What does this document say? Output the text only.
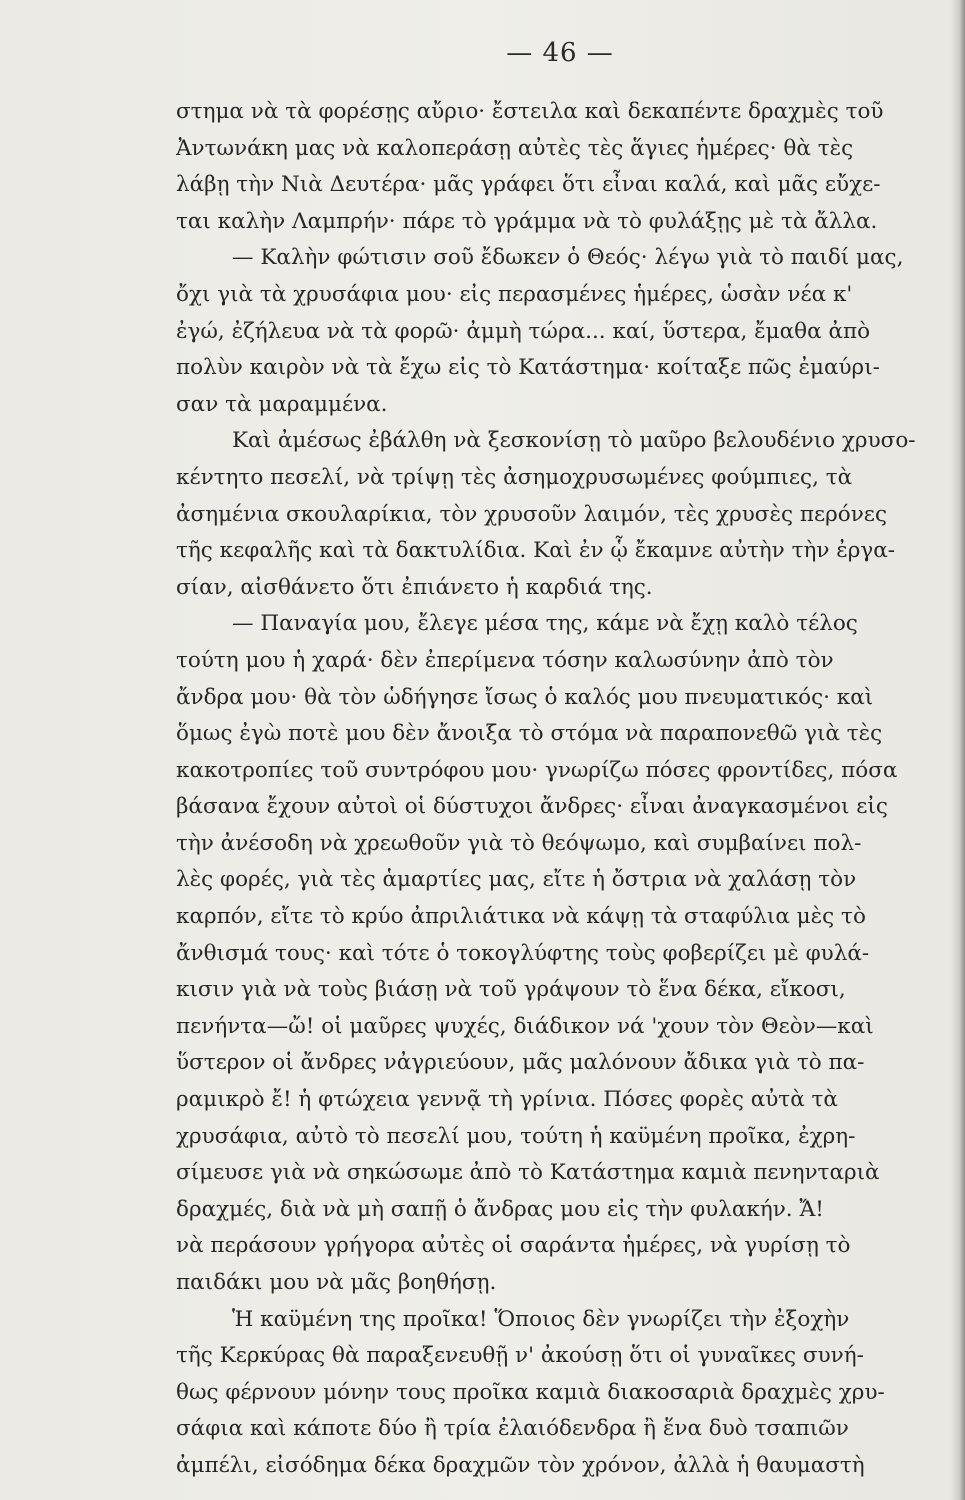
— 46 —
στημα νὰ τὰ φορέσῃς αὔριο· ἔστειλα καὶ δεκαπέντε δραχμὲς τοῦ
Ἀντωνάκη μας νὰ καλοπεράσῃ αὐτὲς τὲς ἅγιες ἡμέρες· θὰ τὲς
λάβῃ τὴν Νιὰ Δευτέρα· μᾶς γράφει ὅτι εἶναι καλά, καὶ μᾶς εὔχε-
ται καλὴν Λαμπρήν· πάρε τὸ γράμμα νὰ τὸ φυλάξῃς μὲ τὰ ἄλλα.
— Καλὴν φώτισιν σοῦ ἔδωκεν ὁ Θεός· λέγω γιὰ τὸ παιδί μας,
ὄχι γιὰ τὰ χρυσάφια μου· εἰς περασμένες ἡμέρες, ὡσὰν νέα κ'
ἐγώ, ἐζήλευα νὰ τὰ φορῶ· ἀμμὴ τώρα... καί, ὕστερα, ἔμαθα ἀπὸ
πολὺν καιρὸν νὰ τὰ ἔχω εἰς τὸ Κατάστημα· κοίταξε πῶς ἐμαύρι-
σαν τὰ μαραμμένα.
Καὶ ἀμέσως ἐβάλθη νὰ ξεσκονίσῃ τὸ μαῦρο βελουδένιο χρυσο-
κέντητο πεσελί, νὰ τρίψῃ τὲς ἀσημοχρυσωμένες φούμπιες, τὰ
ἀσημένια σκουλαρίκια, τὸν χρυσοῦν λαιμόν, τὲς χρυσὲς περόνες
τῆς κεφαλῆς καὶ τὰ δακτυλίδια. Καὶ ἐν ᾧ ἔκαμνε αὐτὴν τὴν ἐργα-
σίαν, αἰσθάνετο ὅτι ἐπιάνετο ἡ καρδιά της.
— Παναγία μου, ἔλεγε μέσα της, κάμε νὰ ἔχῃ καλὸ τέλος
τούτη μου ἡ χαρά· δὲν ἐπερίμενα τόσην καλωσύνην ἀπὸ τὸν
ἄνδρα μου· θὰ τὸν ὡδήγησε ἴσως ὁ καλός μου πνευματικός· καὶ
ὅμως ἐγὼ ποτὲ μου δὲν ἄνοιξα τὸ στόμα νὰ παραπονεθῶ γιὰ τὲς
κακοτροπίες τοῦ συντρόφου μου· γνωρίζω πόσες φροντίδες, πόσα
βάσανα ἔχουν αὐτοὶ οἱ δύστυχοι ἄνδρες· εἶναι ἀναγκασμένοι εἰς
τὴν ἀνέσοδη νὰ χρεωθοῦν γιὰ τὸ θεόψωμο, καὶ συμβαίνει πολ-
λὲς φορές, γιὰ τὲς ἁμαρτίες μας, εἴτε ἡ ὄστρια νὰ χαλάσῃ τὸν
καρπόν, εἴτε τὸ κρύο ἀπριλιάτικα νὰ κάψῃ τὰ σταφύλια μὲς τὸ
ἄνθισμά τους· καὶ τότε ὁ τοκογλύφτης τοὺς φοβερίζει μὲ φυλά-
κισιν γιὰ νὰ τοὺς βιάσῃ νὰ τοῦ γράψουν τὸ ἕνα δέκα, εἴκοσι,
πενήντα—ὤ! οἱ μαῦρες ψυχές, διάδικον νά 'χουν τὸν Θεὸν—καὶ
ὕστερον οἱ ἄνδρες νἀγριεύουν, μᾶς μαλόνουν ἄδικα γιὰ τὸ πα-
ραμικρὸ ἔ! ἡ φτώχεια γεννᾷ τὴ γρίνια. Πόσες φορὲς αὐτὰ τὰ
χρυσάφια, αὐτὸ τὸ πεσελί μου, τούτη ἡ καϋμένη προῖκα, ἐχρη-
σίμευσε γιὰ νὰ σηκώσωμε ἀπὸ τὸ Κατάστημα καμιὰ πενηνταριὰ
δραχμές, διὰ νὰ μὴ σαπῇ ὁ ἄνδρας μου εἰς τὴν φυλακήν. Ἄ!
νὰ περάσουν γρήγορα αὐτὲς οἱ σαράντα ἡμέρες, νὰ γυρίσῃ τὸ
παιδάκι μου νὰ μᾶς βοηθήσῃ.
Ἡ καϋμένη της προῖκα! Ὅποιος δὲν γνωρίζει τὴν ἐξοχὴν
τῆς Κερκύρας θὰ παραξενευθῇ ν' ἀκούσῃ ὅτι οἱ γυναῖκες συνή-
θως φέρνουν μόνην τους προῖκα καμιὰ διακοσαριὰ δραχμὲς χρυ-
σάφια καὶ κάποτε δύο ἢ τρία ἐλαιόδενδρα ἢ ἕνα δυὸ τσαπιῶν
ἀμπέλι, εἰσόδημα δέκα δραχμῶν τὸν χρόνον, ἀλλὰ ἡ θαυμαστὴ
